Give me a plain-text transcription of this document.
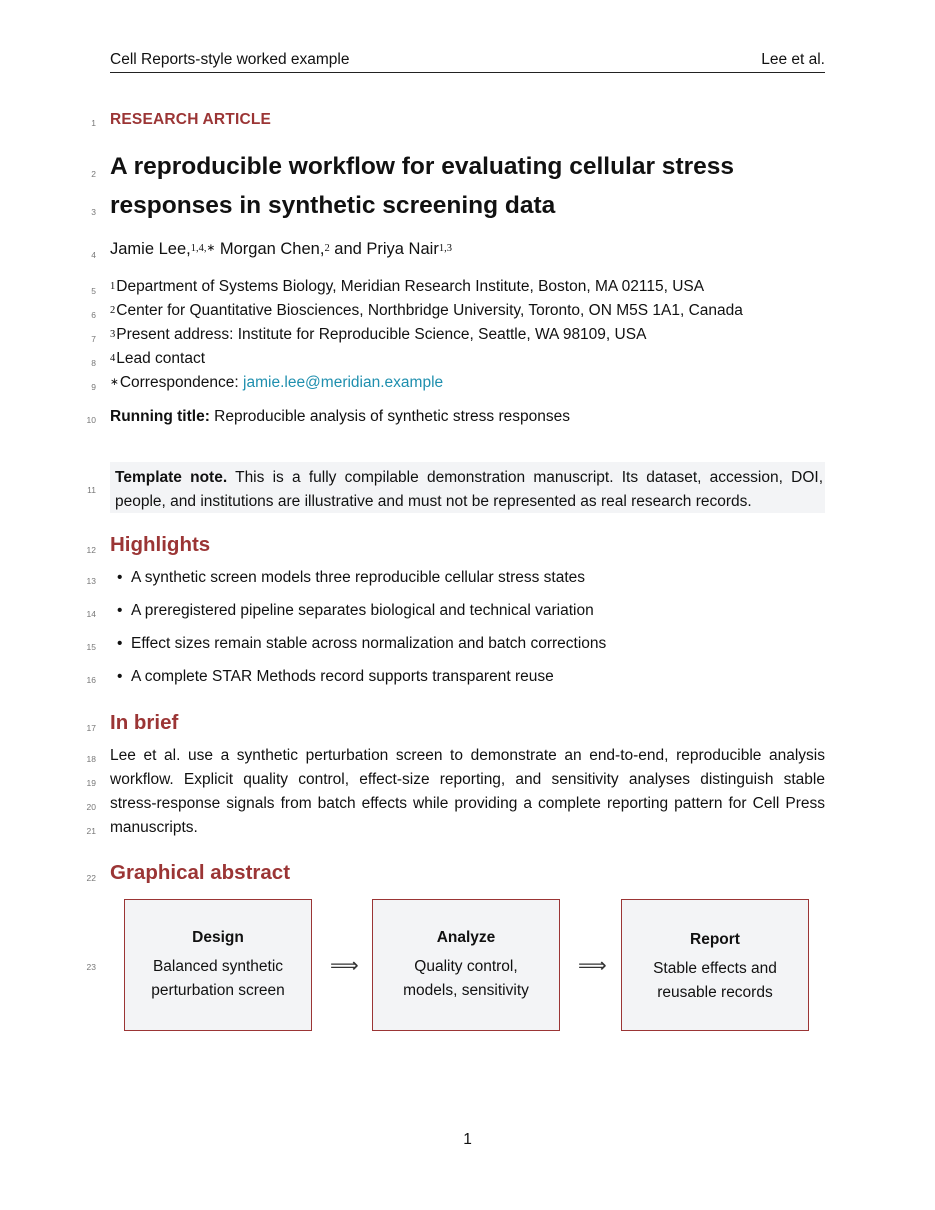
Cell Reports-style worked example	Lee et al.
1
2
3
4
5
6
7
8
9
10
11
12
13
14
15
16
17
18
19
20
21
22
23
RESEARCH ARTICLE
A reproducible workflow for evaluating cellular stress
responses in synthetic screening data
Jamie Lee,$^{1,4,∗}$ Morgan Chen,$^2$ and Priya Nair$^{1,3}$
$^1$Department of Systems Biology, Meridian Research Institute, Boston, MA 02115, USA
$^2$Center for Quantitative Biosciences, Northbridge University, Toronto, ON M5S 1A1, Canada
$^3$Present address: Institute for Reproducible Science, Seattle, WA 98109, USA
$^4$Lead contact
∗Correspondence: jamie.lee@meridian.example
Running title: Reproducible analysis of synthetic stress responses
Template note. This is a fully compilable demonstration manuscript. Its dataset, accession, DOI, people, and institutions are illustrative and must not be represented as real research records.
Highlights
• A synthetic screen models three reproducible cellular stress states
• A preregistered pipeline separates biological and technical variation
• Effect sizes remain stable across normalization and batch corrections
• A complete STAR Methods record supports transparent reuse
In brief
Lee et al. use a synthetic perturbation screen to demonstrate an end-to-end, reproducible analysis
workflow. Explicit quality control, effect-size reporting, and sensitivity analyses distinguish stable
stress-response signals from batch effects while providing a complete reporting pattern for Cell Press
manuscripts.
Graphical abstract
Design
Balanced synthetic
perturbation screen
⟹
Analyze
Quality control,
models, sensitivity
⟹
Report
Stable effects and
reusable records
1
